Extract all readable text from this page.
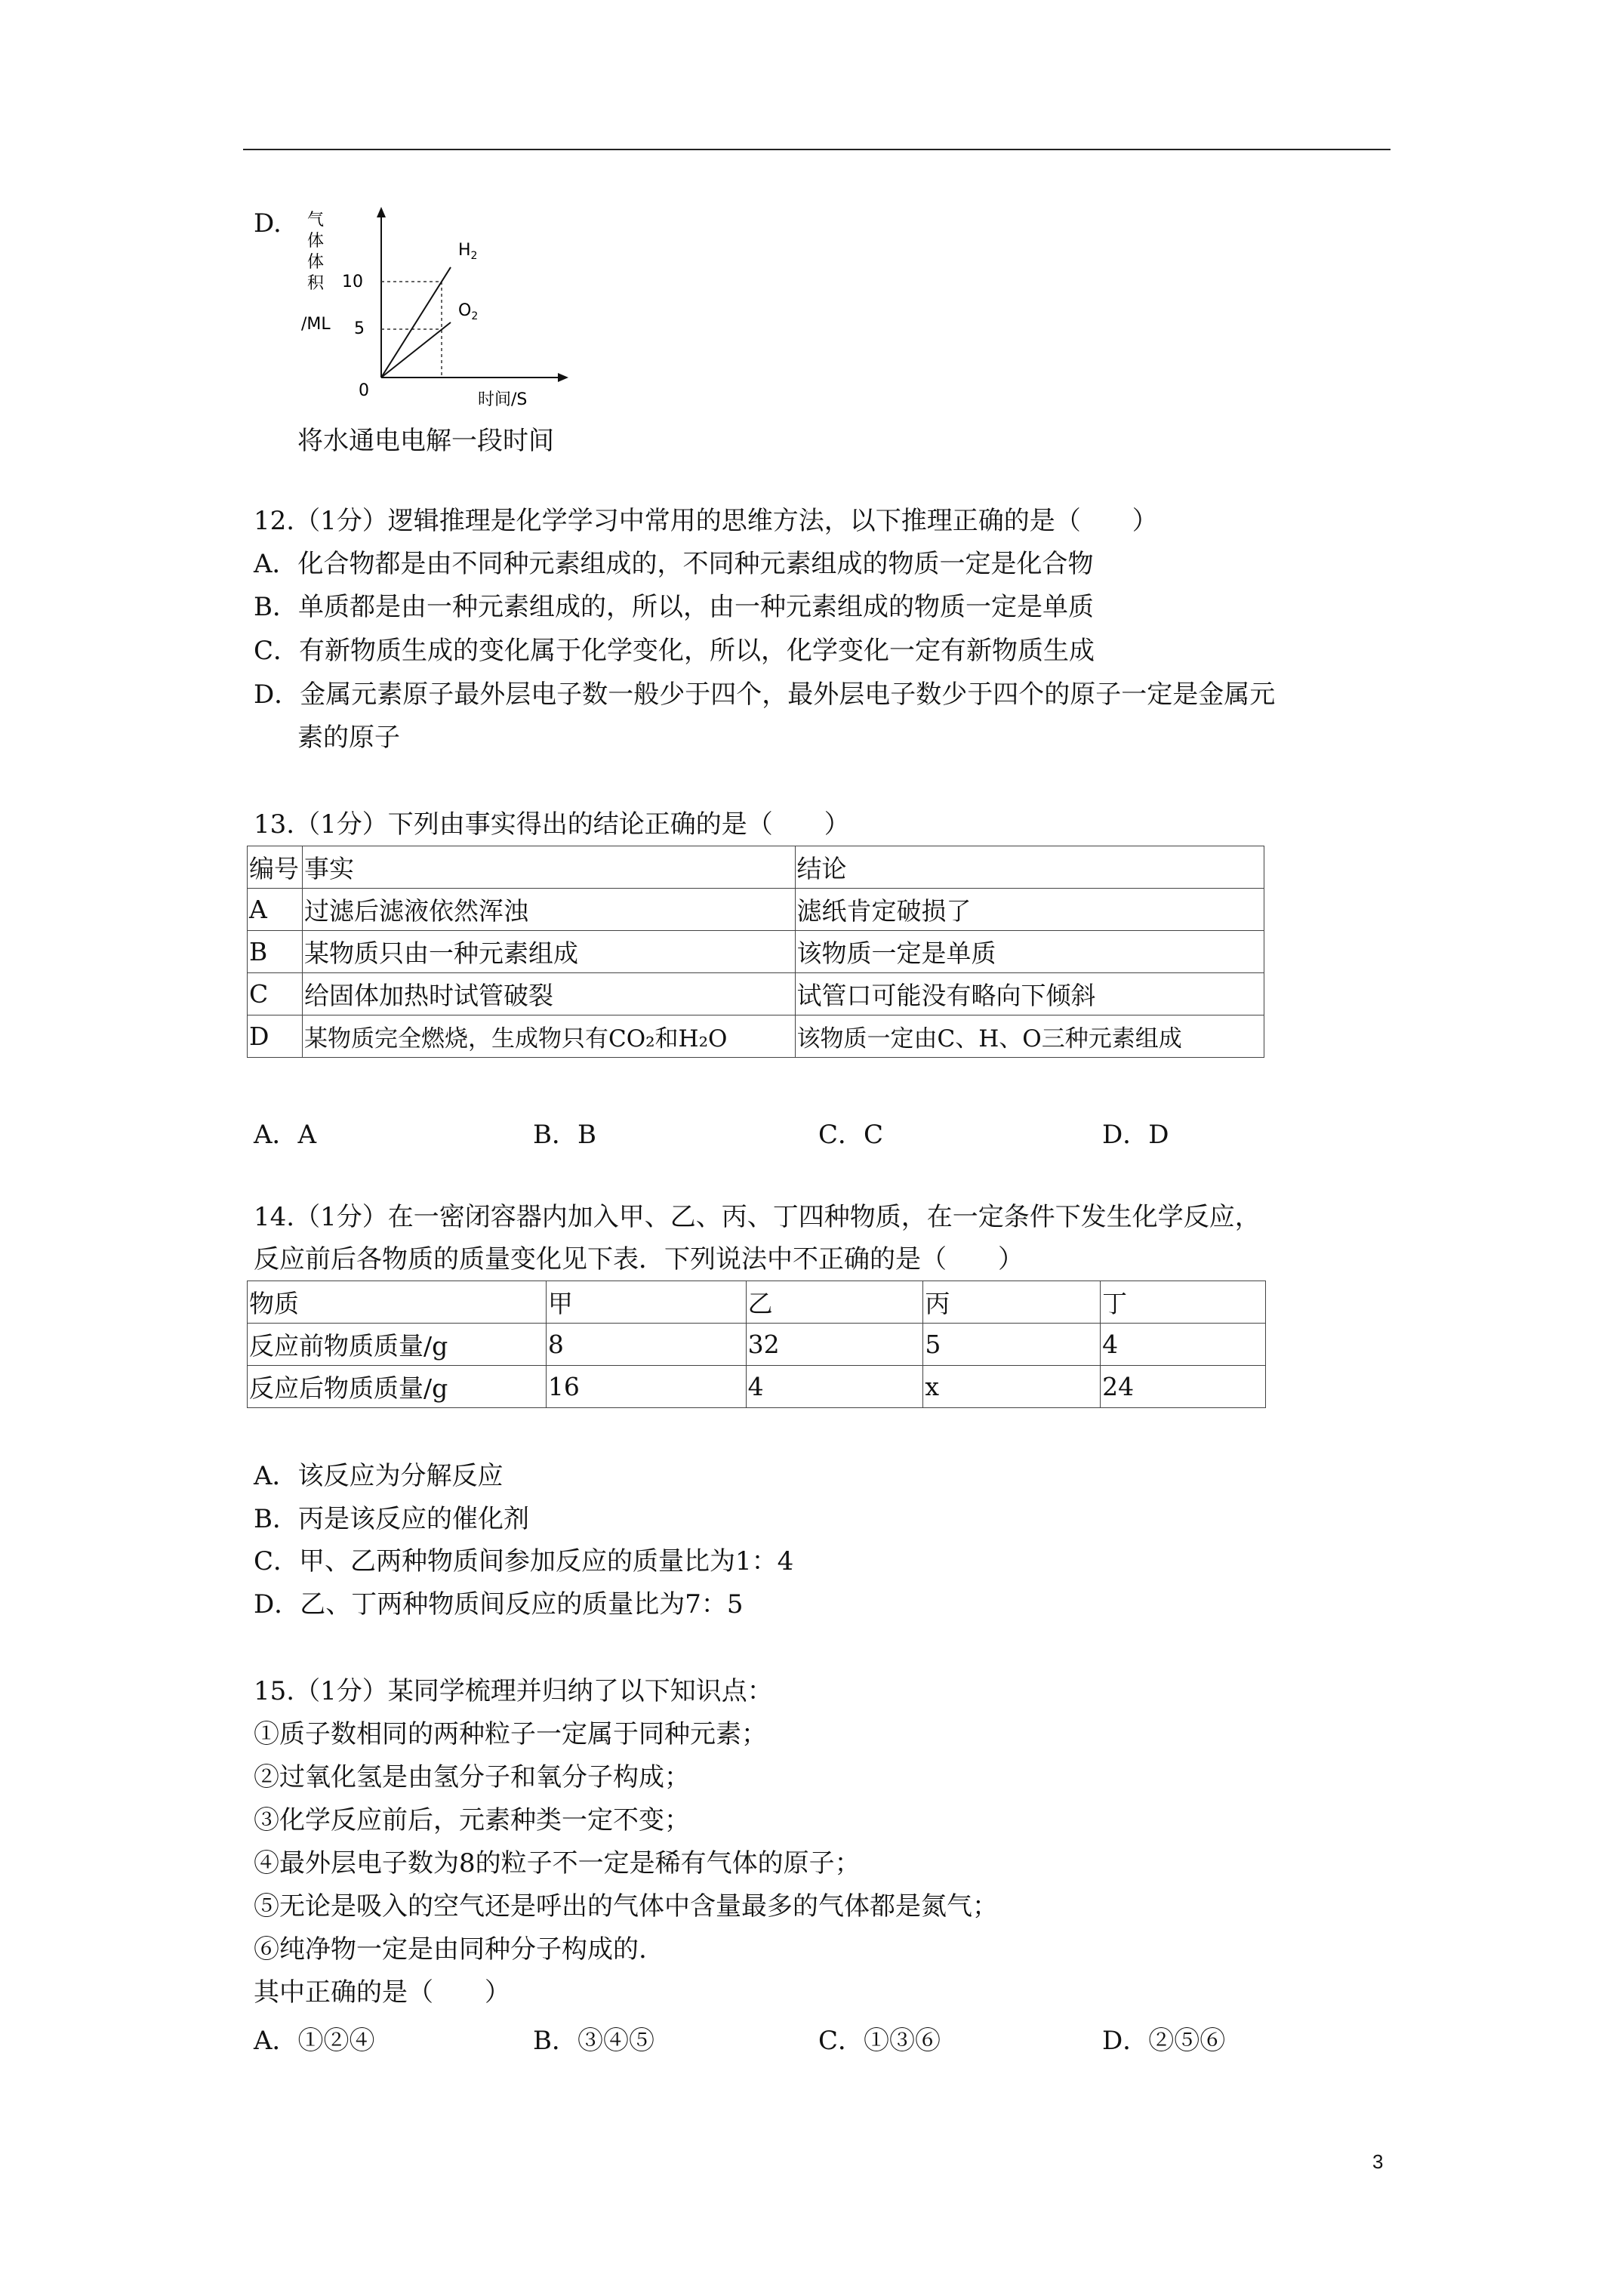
D. 气
体
体
积
/ML
0
10
5
时间/S
$H_2$
$O_2$
将水通电电解一段时间
12.（1分）逻辑推理是化学学习中常用的思维方法，以下推理正确的是（　　）
A．化合物都是由不同种元素组成的，不同种元素组成的物质一定是化合物
B．单质都是由一种元素组成的，所以，由一种元素组成的物质一定是单质
C．有新物质生成的变化属于化学变化，所以，化学变化一定有新物质生成
D．金属元素原子最外层电子数一般少于四个，最外层电子数少于四个的原子一定是金属元
素的原子
13.（1分）下列由事实得出的结论正确的是（　　）
编号	事实	结论
A	过滤后滤液依然浑浊	滤纸肯定破损了
B	某物质只由一种元素组成	该物质一定是单质
C	给固体加热时试管破裂	试管口可能没有略向下倾斜
D	某物质完全燃烧，生成物只有CO₂和H₂O	该物质一定由C、H、O三种元素组成
A．A	B．B	C．C	D．D
14.（1分）在一密闭容器内加入甲、乙、丙、丁四种物质，在一定条件下发生化学反应，
反应前后各物质的质量变化见下表．下列说法中不正确的是（　　）
物质	甲	乙	丙	丁
反应前物质质量/g	8	32	5	4
反应后物质质量/g	16	4	x	24
A．该反应为分解反应
B．丙是该反应的催化剂
C．甲、乙两种物质间参加反应的质量比为1：4
D．乙、丁两种物质间反应的质量比为7：5
15.（1分）某同学梳理并归纳了以下知识点：
①质子数相同的两种粒子一定属于同种元素；
②过氧化氢是由氢分子和氧分子构成；
③化学反应前后，元素种类一定不变；
④最外层电子数为8的粒子不一定是稀有气体的原子；
⑤无论是吸入的空气还是呼出的气体中含量最多的气体都是氮气；
⑥纯净物一定是由同种分子构成的.
其中正确的是（　　）
A．①②④	B．③④⑤	C．①③⑥	D．②⑤⑥
3
